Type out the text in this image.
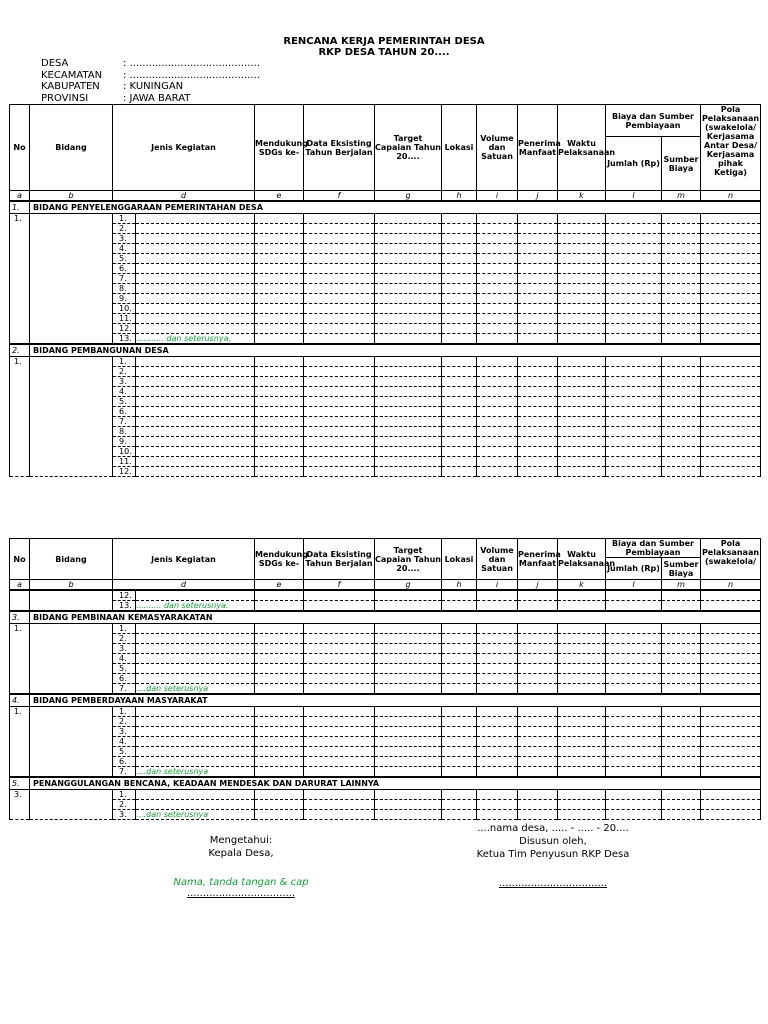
RENCANA KERJA PEMERINTAH DESA
RKP DESA TAHUN 20....
DESA	: .........................................
KECAMATAN	: .........................................
KABUPATEN	: KUNINGAN
PROVINSI	: JAWA BARAT
No	Bidang	Jenis Kegiatan		Mendukung SDGs ke-	Data Eksisting Tahun Berjalan	Target Capaian Tahun 20....	Lokasi	Volume dan Satuan	Penerima Manfaat	Waktu Pelaksanaan	Biaya dan Sumber Pembiayaan		Pola Pelaksanaan (swakelola/ Kerjasama Antar Desa/ Kerjasama pihak Ketiga)
											Jumlah (Rp)	Sumber Biaya	
a	b	d		e	f	g	h	i	j	k	l	m	n
1.	BIDANG PENYELENGGARAAN PEMERINTAHAN DESA												
1.		1.											
		2.											
		3.											
		4.											
		5.											
		6.											
		7.											
		8.											
		9.											
		10.											
		11.											
		12.											
		13.	........... dan seterusnya.										
2.	BIDANG PEMBANGUNAN DESA												
1.		1.											
		2.											
		3.											
		4.											
		5.											
		6.											
		7.											
		8.											
		9.											
		10.											
		11.											
		12.											
No	Bidang	Jenis Kegiatan		Mendukung SDGs ke-	Data Eksisting Tahun Berjalan	Target Capaian Tahun 20....	Lokasi	Volume dan Satuan	Penerima Manfaat	Waktu Pelaksanaan	Biaya dan Sumber Pembiayaan		Pola Pelaksanaan (swakelola/
											Jumlah (Rp)	Sumber Biaya	
a	b	d		e	f	g	h	i	j	k	l	m	n
		12.											
		13.	.......... dan seterusnya.										
3.	BIDANG PEMBINAAN KEMASYARAKATAN												
1.		1.											
		2.											
		3.											
		4.											
		5.											
		6.											
		7.	....dan seterusnya										
4.	BIDANG PEMBERDAYAAN MASYARAKAT												
1.		1.											
		2.											
		3.											
		4.											
		5.											
		6.											
		7.	....dan seterusnya										
5.	PENANGGULANGAN BENCANA, KEADAAN MENDESAK DAN DARURAT LAINNYA												
3.		1.											
		2.											
		3.	....dan seterusnya										
Mengetahui:
Kepala Desa,
Nama, tanda tangan & cap
..................................
....nama desa, ..... - ..... - 20....
Disusun oleh,
Ketua Tim Penyusun RKP Desa
..................................
